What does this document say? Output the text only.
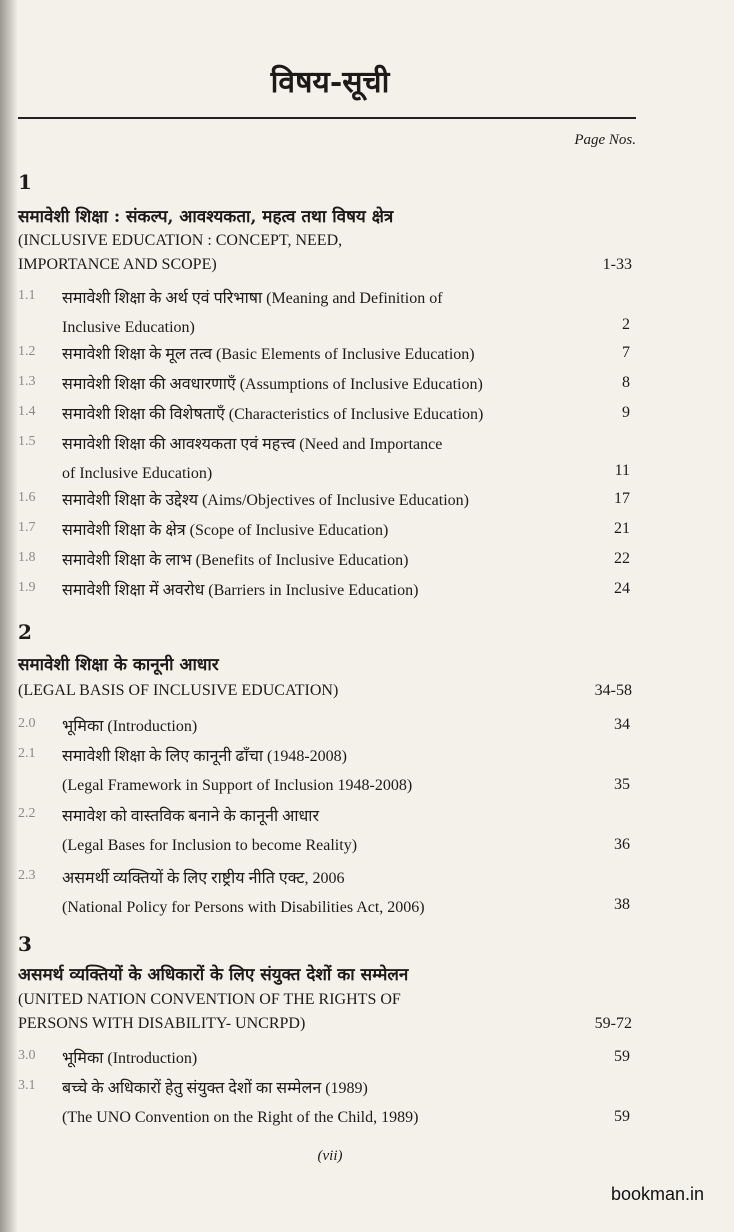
विषय-सूची
Page Nos.
1
समावेशी शिक्षा : संकल्प, आवश्यकता, महत्व तथा विषय क्षेत्र
(INCLUSIVE EDUCATION : CONCEPT, NEED,
IMPORTANCE AND SCOPE)	1-33
1.1 समावेशी शिक्षा के अर्थ एवं परिभाषा (Meaning and Definition of
Inclusive Education)	2
1.2 समावेशी शिक्षा के मूल तत्व (Basic Elements of Inclusive Education)	7
1.3 समावेशी शिक्षा की अवधारणाएँ (Assumptions of Inclusive Education)	8
1.4 समावेशी शिक्षा की विशेषताएँ (Characteristics of Inclusive Education)	9
1.5 समावेशी शिक्षा की आवश्यकता एवं महत्त्व (Need and Importance
of Inclusive Education)	11
1.6 समावेशी शिक्षा के उद्देश्य (Aims/Objectives of Inclusive Education)	17
1.7 समावेशी शिक्षा के क्षेत्र (Scope of Inclusive Education)	21
1.8 समावेशी शिक्षा के लाभ (Benefits of Inclusive Education)	22
1.9 समावेशी शिक्षा में अवरोध (Barriers in Inclusive Education)	24
2
समावेशी शिक्षा के कानूनी आधार
(LEGAL BASIS OF INCLUSIVE EDUCATION)	34-58
2.0 भूमिका (Introduction)	34
2.1 समावेशी शिक्षा के लिए कानूनी ढाँचा (1948-2008)
(Legal Framework in Support of Inclusion 1948-2008)	35
2.2 समावेश को वास्तविक बनाने के कानूनी आधार
(Legal Bases for Inclusion to become Reality)	36
2.3 असमर्थी व्यक्तियों के लिए राष्ट्रीय नीति एक्ट, 2006
(National Policy for Persons with Disabilities Act, 2006)	38
3
असमर्थ व्यक्तियों के अधिकारों के लिए संयुक्त देशों का सम्मेलन
(UNITED NATION CONVENTION OF THE RIGHTS OF
PERSONS WITH DISABILITY- UNCRPD)	59-72
3.0 भूमिका (Introduction)	59
3.1 बच्चे के अधिकारों हेतु संयुक्त देशों का सम्मेलन (1989)
(The UNO Convention on the Right of the Child, 1989)	59
(vii)
bookman.in
